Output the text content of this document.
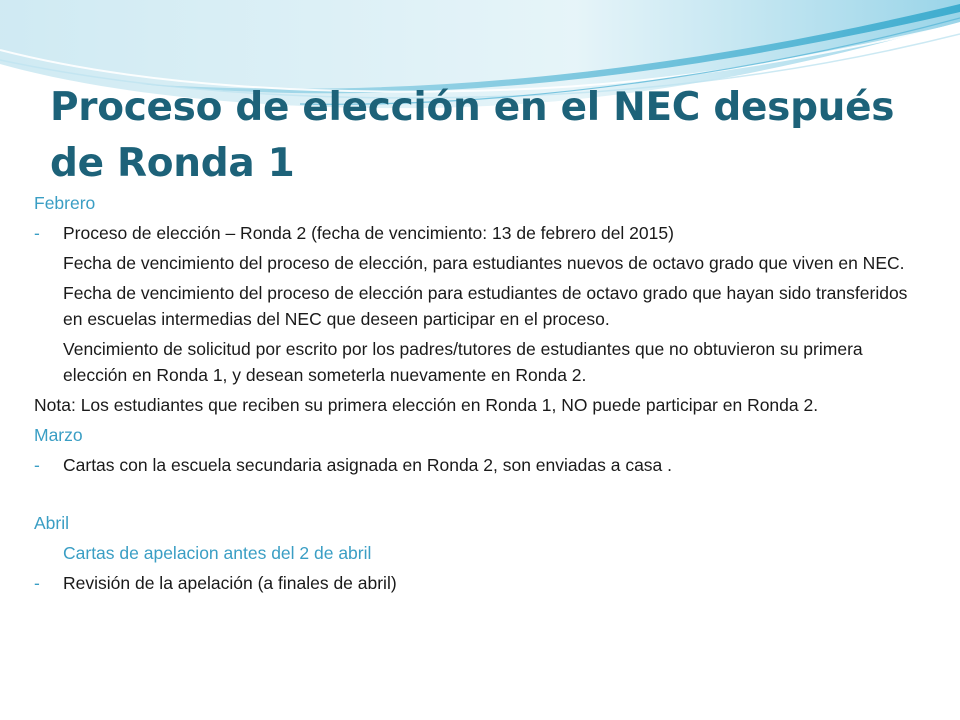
Proceso de elección en el NEC después de Ronda 1

Febrero

- Proceso de elección – Ronda 2 (fecha de vencimiento: 13 de febrero del 2015)

Fecha de vencimiento del proceso de elección, para estudiantes nuevos de octavo grado que viven en NEC.

Fecha de vencimiento del proceso de elección para estudiantes de octavo grado que hayan sido transferidos en escuelas intermedias del NEC que deseen participar en el proceso.

Vencimiento de solicitud por escrito por los padres/tutores de estudiantes que no obtuvieron su primera elección en Ronda 1, y desean someterla nuevamente en Ronda 2.

Nota: Los estudiantes que reciben su primera elección en Ronda 1, NO puede participar en Ronda 2.

Marzo

- Cartas con la escuela secundaria asignada en Ronda 2, son enviadas a casa .

Abril

Cartas de apelacion antes del 2 de abril

- Revisión de la apelación (a finales de abril)
